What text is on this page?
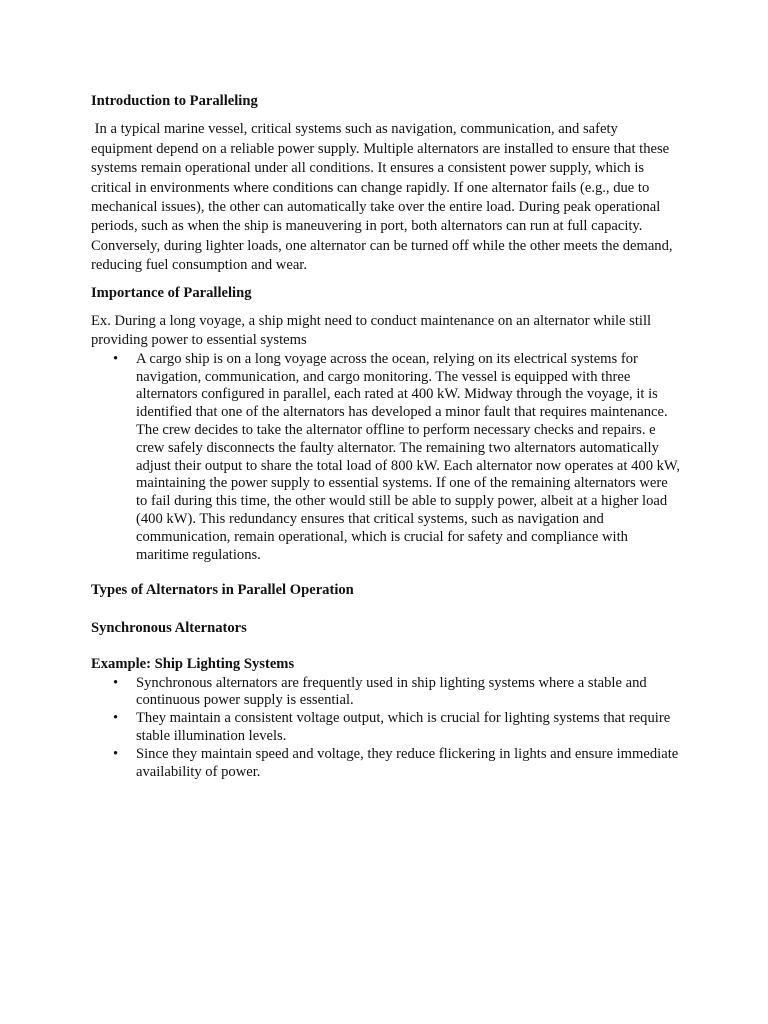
Introduction to Paralleling

In a typical marine vessel, critical systems such as navigation, communication, and safety equipment depend on a reliable power supply. Multiple alternators are installed to ensure that these systems remain operational under all conditions. It ensures a consistent power supply, which is critical in environments where conditions can change rapidly. If one alternator fails (e.g., due to mechanical issues), the other can automatically take over the entire load. During peak operational periods, such as when the ship is maneuvering in port, both alternators can run at full capacity. Conversely, during lighter loads, one alternator can be turned off while the other meets the demand, reducing fuel consumption and wear.

Importance of Paralleling

Ex. During a long voyage, a ship might need to conduct maintenance on an alternator while still providing power to essential systems

• A cargo ship is on a long voyage across the ocean, relying on its electrical systems for navigation, communication, and cargo monitoring. The vessel is equipped with three alternators configured in parallel, each rated at 400 kW. Midway through the voyage, it is identified that one of the alternators has developed a minor fault that requires maintenance. The crew decides to take the alternator offline to perform necessary checks and repairs. e crew safely disconnects the faulty alternator. The remaining two alternators automatically adjust their output to share the total load of 800 kW. Each alternator now operates at 400 kW, maintaining the power supply to essential systems. If one of the remaining alternators were to fail during this time, the other would still be able to supply power, albeit at a higher load (400 kW). This redundancy ensures that critical systems, such as navigation and communication, remain operational, which is crucial for safety and compliance with maritime regulations.

Types of Alternators in Parallel Operation

Synchronous Alternators

Example: Ship Lighting Systems

• Synchronous alternators are frequently used in ship lighting systems where a stable and continuous power supply is essential.
• They maintain a consistent voltage output, which is crucial for lighting systems that require stable illumination levels.
• Since they maintain speed and voltage, they reduce flickering in lights and ensure immediate availability of power.
